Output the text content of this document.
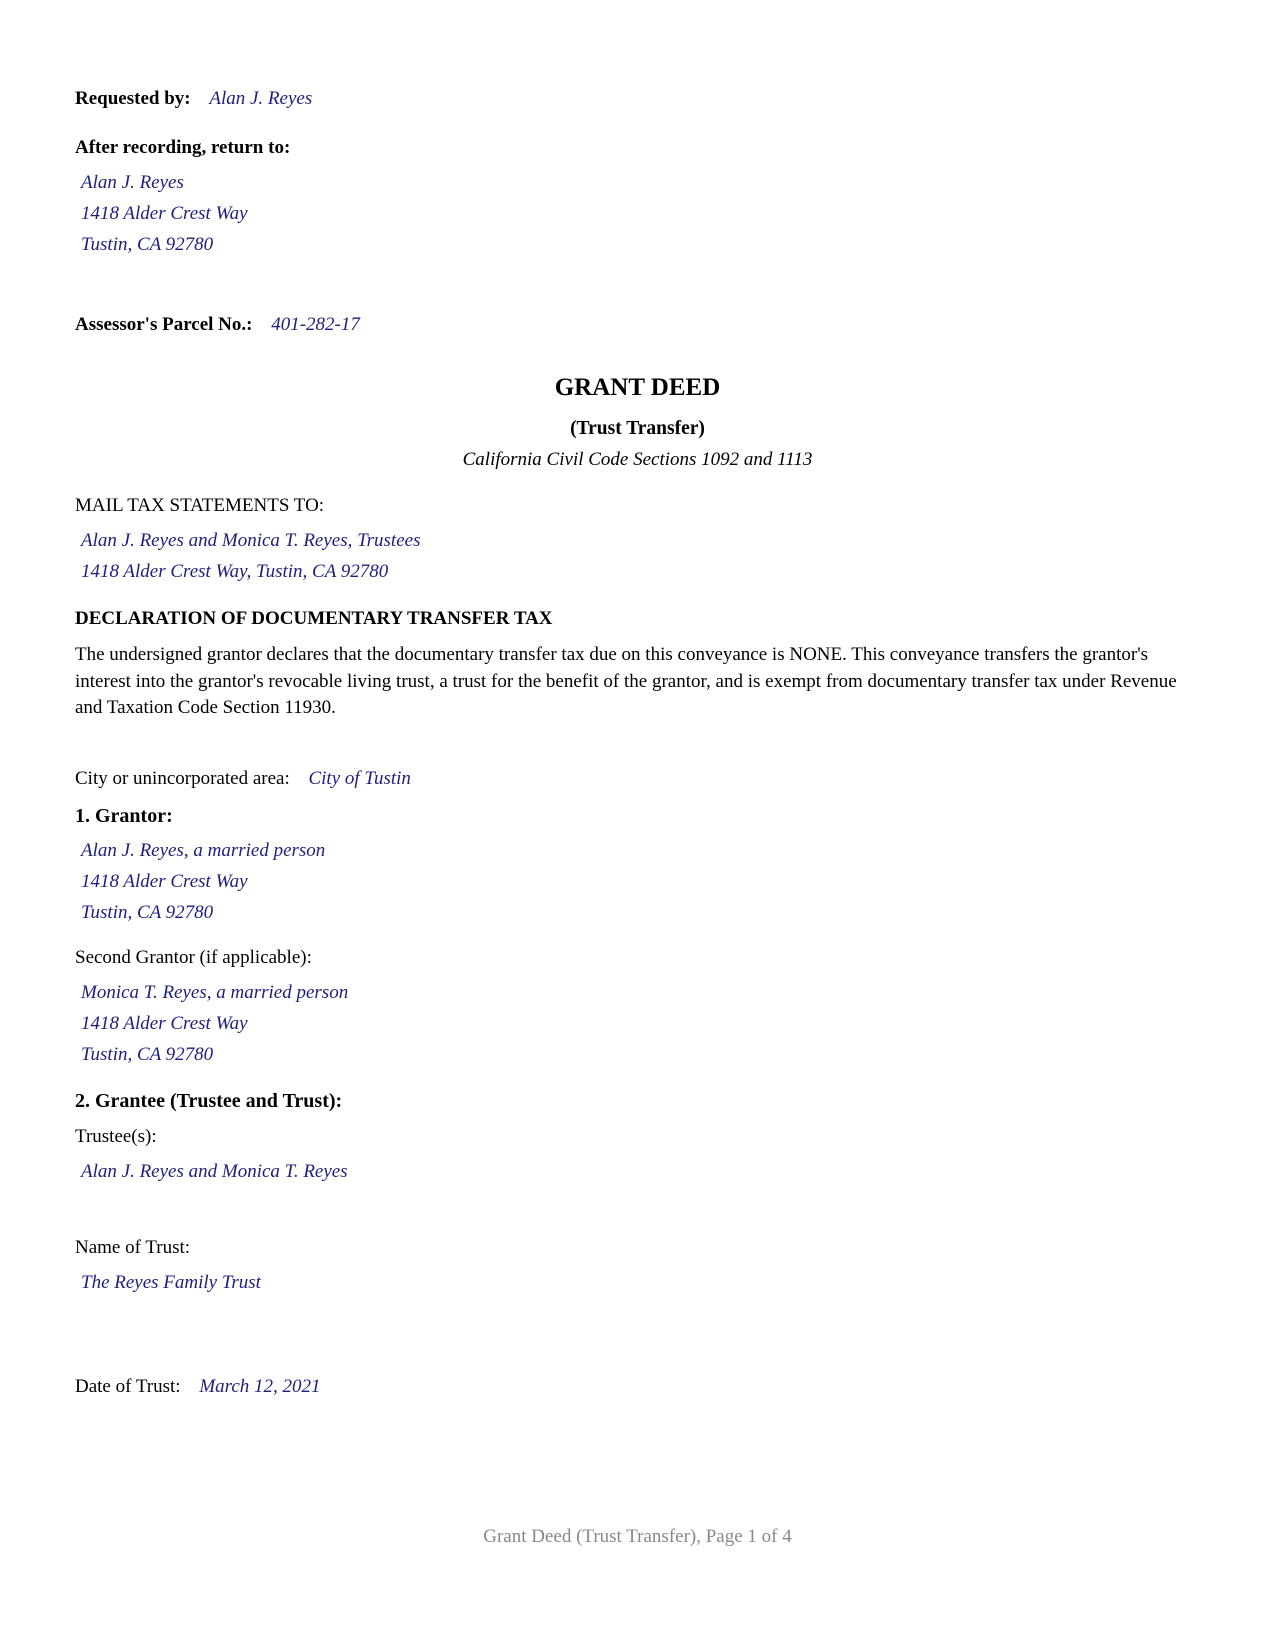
Requested by: Alan J. Reyes
After recording, return to:
Alan J. Reyes
1418 Alder Crest Way
Tustin, CA 92780
Assessor's Parcel No.: 401-282-17
GRANT DEED
(Trust Transfer)
California Civil Code Sections 1092 and 1113
MAIL TAX STATEMENTS TO:
Alan J. Reyes and Monica T. Reyes, Trustees
1418 Alder Crest Way, Tustin, CA 92780
DECLARATION OF DOCUMENTARY TRANSFER TAX
The undersigned grantor declares that the documentary transfer tax due on this conveyance is NONE. This conveyance transfers the grantor's interest into the grantor's revocable living trust, a trust for the benefit of the grantor, and is exempt from documentary transfer tax under Revenue and Taxation Code Section 11930.
City or unincorporated area: City of Tustin
1. Grantor:
Alan J. Reyes, a married person
1418 Alder Crest Way
Tustin, CA 92780
Second Grantor (if applicable):
Monica T. Reyes, a married person
1418 Alder Crest Way
Tustin, CA 92780
2. Grantee (Trustee and Trust):
Trustee(s):
Alan J. Reyes and Monica T. Reyes
Name of Trust:
The Reyes Family Trust
Date of Trust: March 12, 2021
Grant Deed (Trust Transfer), Page 1 of 4
